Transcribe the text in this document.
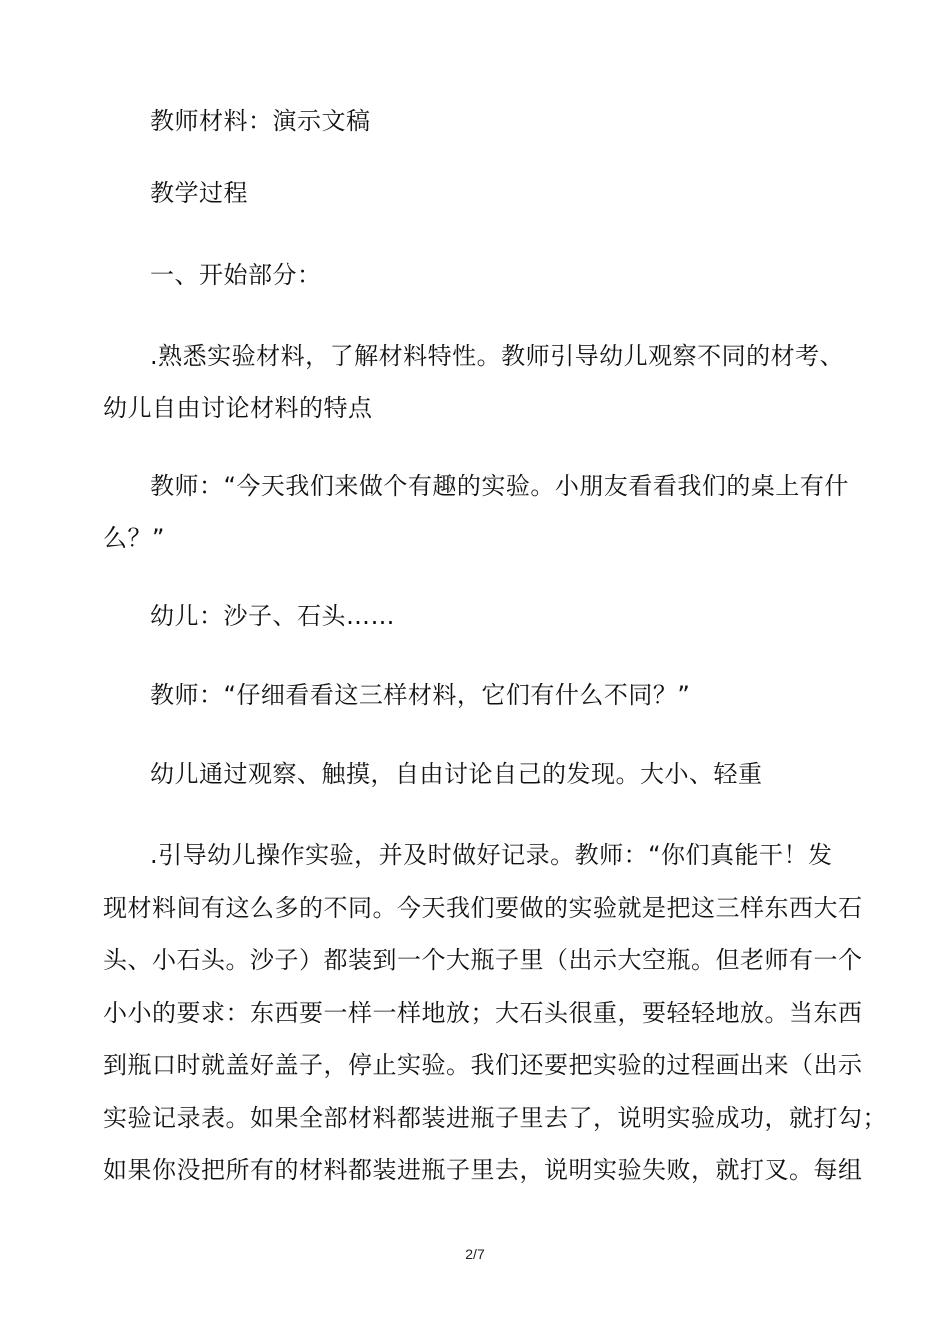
教师材料：演示文稿
教学过程
一、开始部分：
.熟悉实验材料，了解材料特性。教师引导幼儿观察不同的材考、
幼儿自由讨论材料的特点
教师：“今天我们来做个有趣的实验。小朋友看看我们的桌上有什
么？”
幼儿：沙子、石头……
教师：“仔细看看这三样材料，它们有什么不同？”
幼儿通过观察、触摸，自由讨论自己的发现。大小、轻重
.引导幼儿操作实验，并及时做好记录。教师：“你们真能干！发
现材料间有这么多的不同。今天我们要做的实验就是把这三样东西大石
头、小石头。沙子）都装到一个大瓶子里（出示大空瓶。但老师有一个
小小的要求：东西要一样一样地放；大石头很重，要轻轻地放。当东西
到瓶口时就盖好盖子，停止实验。我们还要把实验的过程画出来（出示
实验记录表。如果全部材料都装进瓶子里去了，说明实验成功，就打勾；
如果你没把所有的材料都装进瓶子里去，说明实验失败，就打叉。每组
2/7
